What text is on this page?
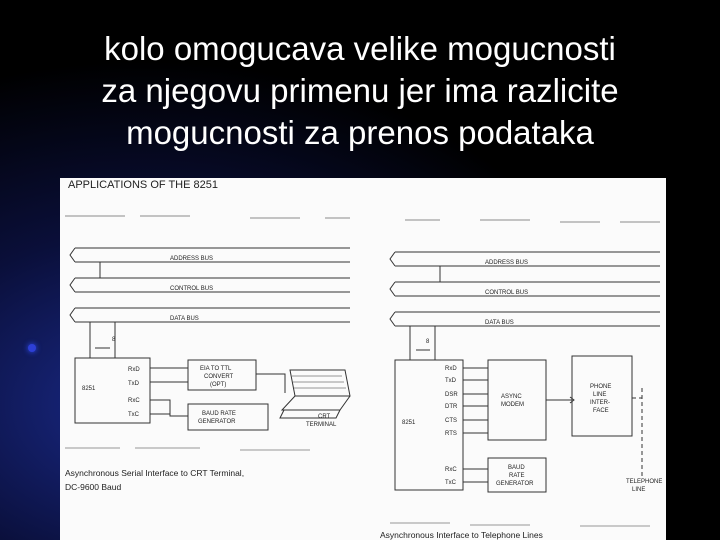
kolo omogucava velike mogucnosti
za njegovu primenu jer ima razlicite
mogucnosti za prenos podataka
APPLICATIONS OF THE 8251
ADDRESS BUS
CONTROL BUS
DATA BUS
8
8251
RxD
TxD
RxC
TxC
EIA TO TTL
CONVERT
(OPT)
BAUD RATE
GENERATOR
CRT
TERMINAL
Asynchronous Serial Interface to CRT Terminal,
DC-9600 Baud
ADDRESS BUS
CONTROL BUS
DATA BUS
8
8251
RxD
TxD
DSR
DTR
CTS
RTS
RxC
TxC
ASYNC
MODEM
PHONE
LINE
INTER-
FACE
BAUD
RATE
GENERATOR	TELEPHONE
LINE
Asynchronous Interface to Telephone Lines
